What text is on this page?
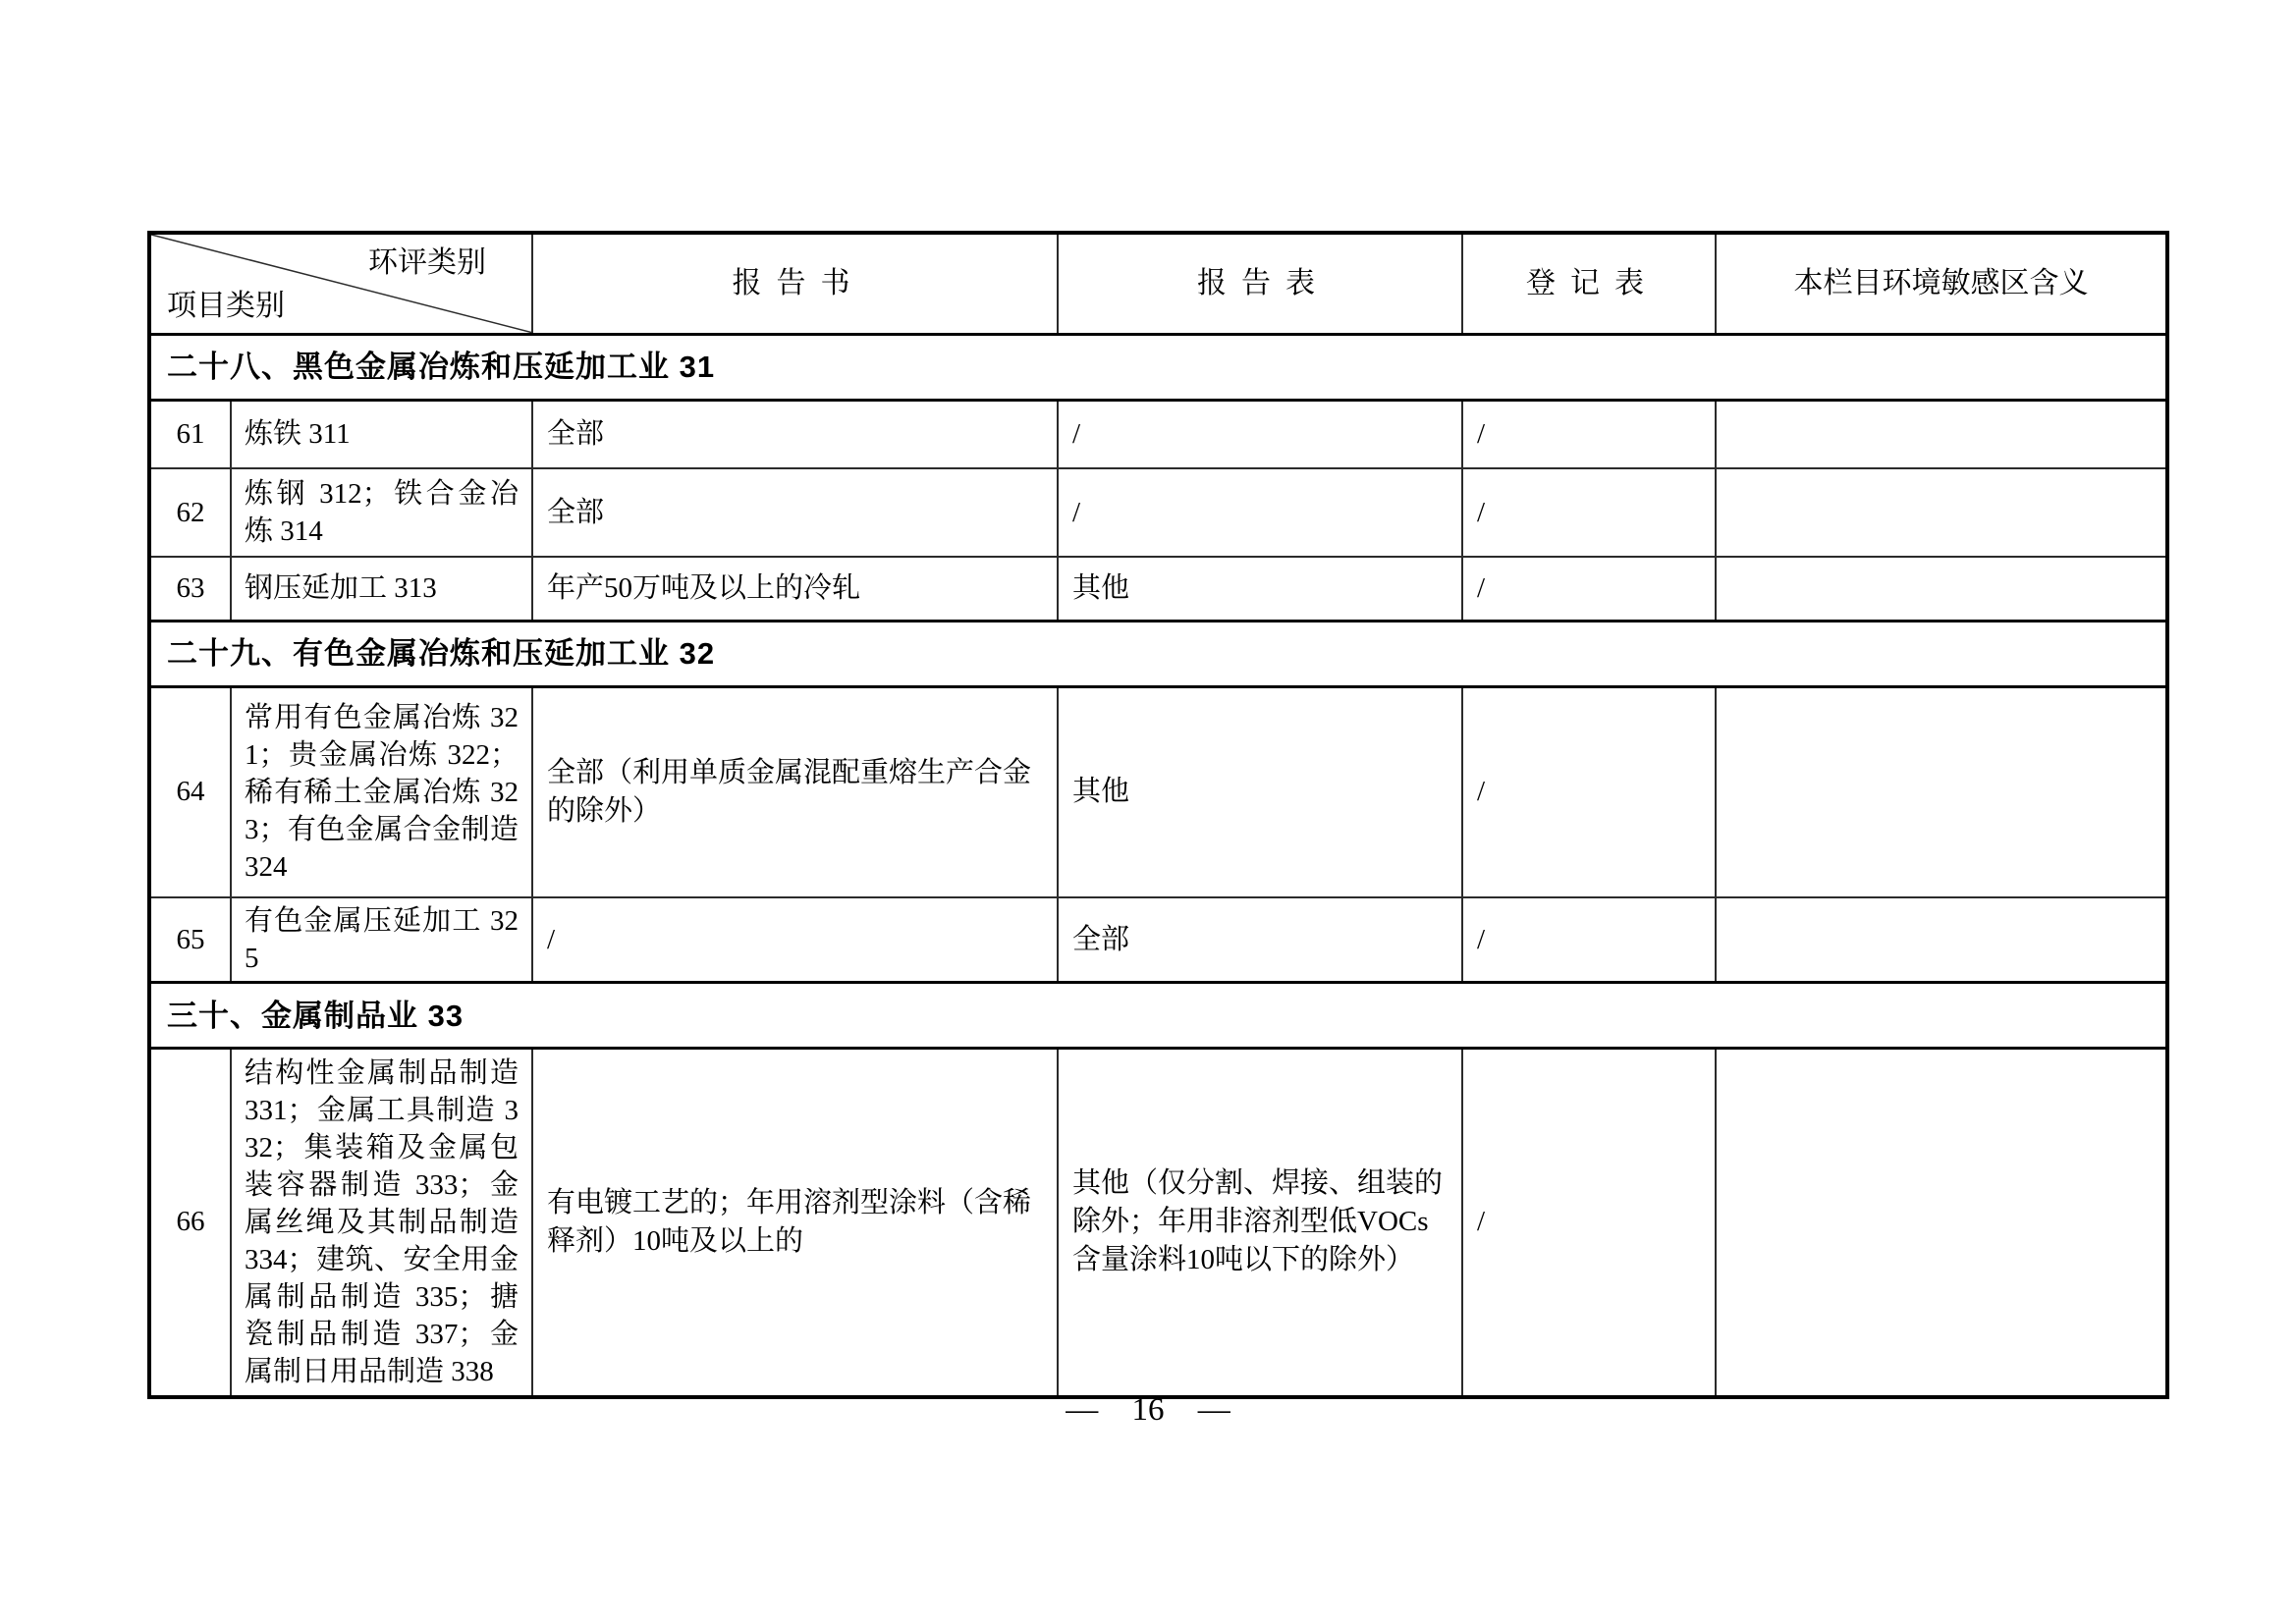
环评类别
项目类别		报告书	报告表	登记表	本栏目环境敏感区含义
二十八、黑色金属冶炼和压延加工业 31					
61	炼铁 311	全部	/	/	
62	炼钢 312；铁合金冶炼 314	全部	/	/	
63	钢压延加工 313	年产50万吨及以上的冷轧	其他	/	
二十九、有色金属冶炼和压延加工业 32					
64	常用有色金属冶炼 321；贵金属冶炼 322；稀有稀土金属冶炼 323；有色金属合金制造 324	全部（利用单质金属混配重熔生产合金的除外）	其他	/	
65	有色金属压延加工 325	/	全部	/	
三十、金属制品业 33					
66	结构性金属制品制造 331；金属工具制造 332；集装箱及金属包装容器制造 333；金属丝绳及其制品制造 334；建筑、安全用金属制品制造 335；搪瓷制品制造 337；金属制日用品制造 338	有电镀工艺的；年用溶剂型涂料（含稀释剂）10吨及以上的	其他（仅分割、焊接、组装的除外；年用非溶剂型低VOCs含量涂料10吨以下的除外）	/	
— 16 —
